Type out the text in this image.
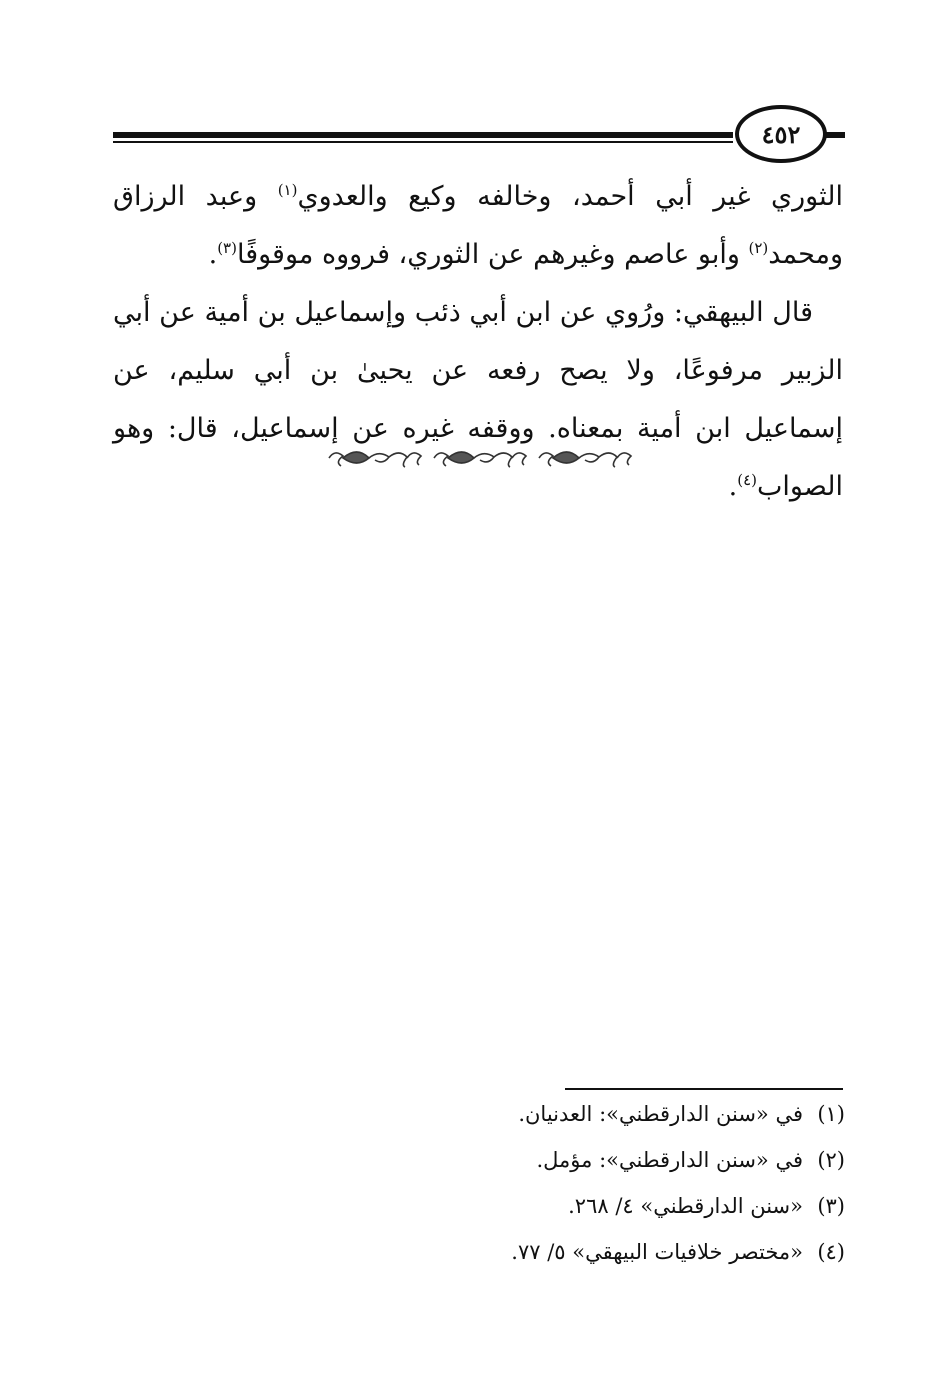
٤٥٢

الثوري غير أبي أحمد، وخالفه وكيع والعدوي$^{(١)}$ وعبد الرزاق ومحمد$^{(٢)}$ وأبو عاصم وغيرهم عن الثوري، فرووه موقوفًا$^{(٣)}$.

قال البيهقي: ورُوي عن ابن أبي ذئب وإسماعيل بن أمية عن أبي الزبير مرفوعًا، ولا يصح رفعه عن يحيىٰ بن أبي سليم، عن إسماعيل ابن أمية بمعناه. ووقفه غيره عن إسماعيل، قال: وهو الصواب$^{(٤)}$.

(١)
في «سنن الدارقطني»: العدنيان.
(٢)
في «سنن الدارقطني»: مؤمل.
(٣)
«سنن الدارقطني» ٤/ ٢٦٨.
(٤)
«مختصر خلافيات البيهقي» ٥/ ٧٧.
